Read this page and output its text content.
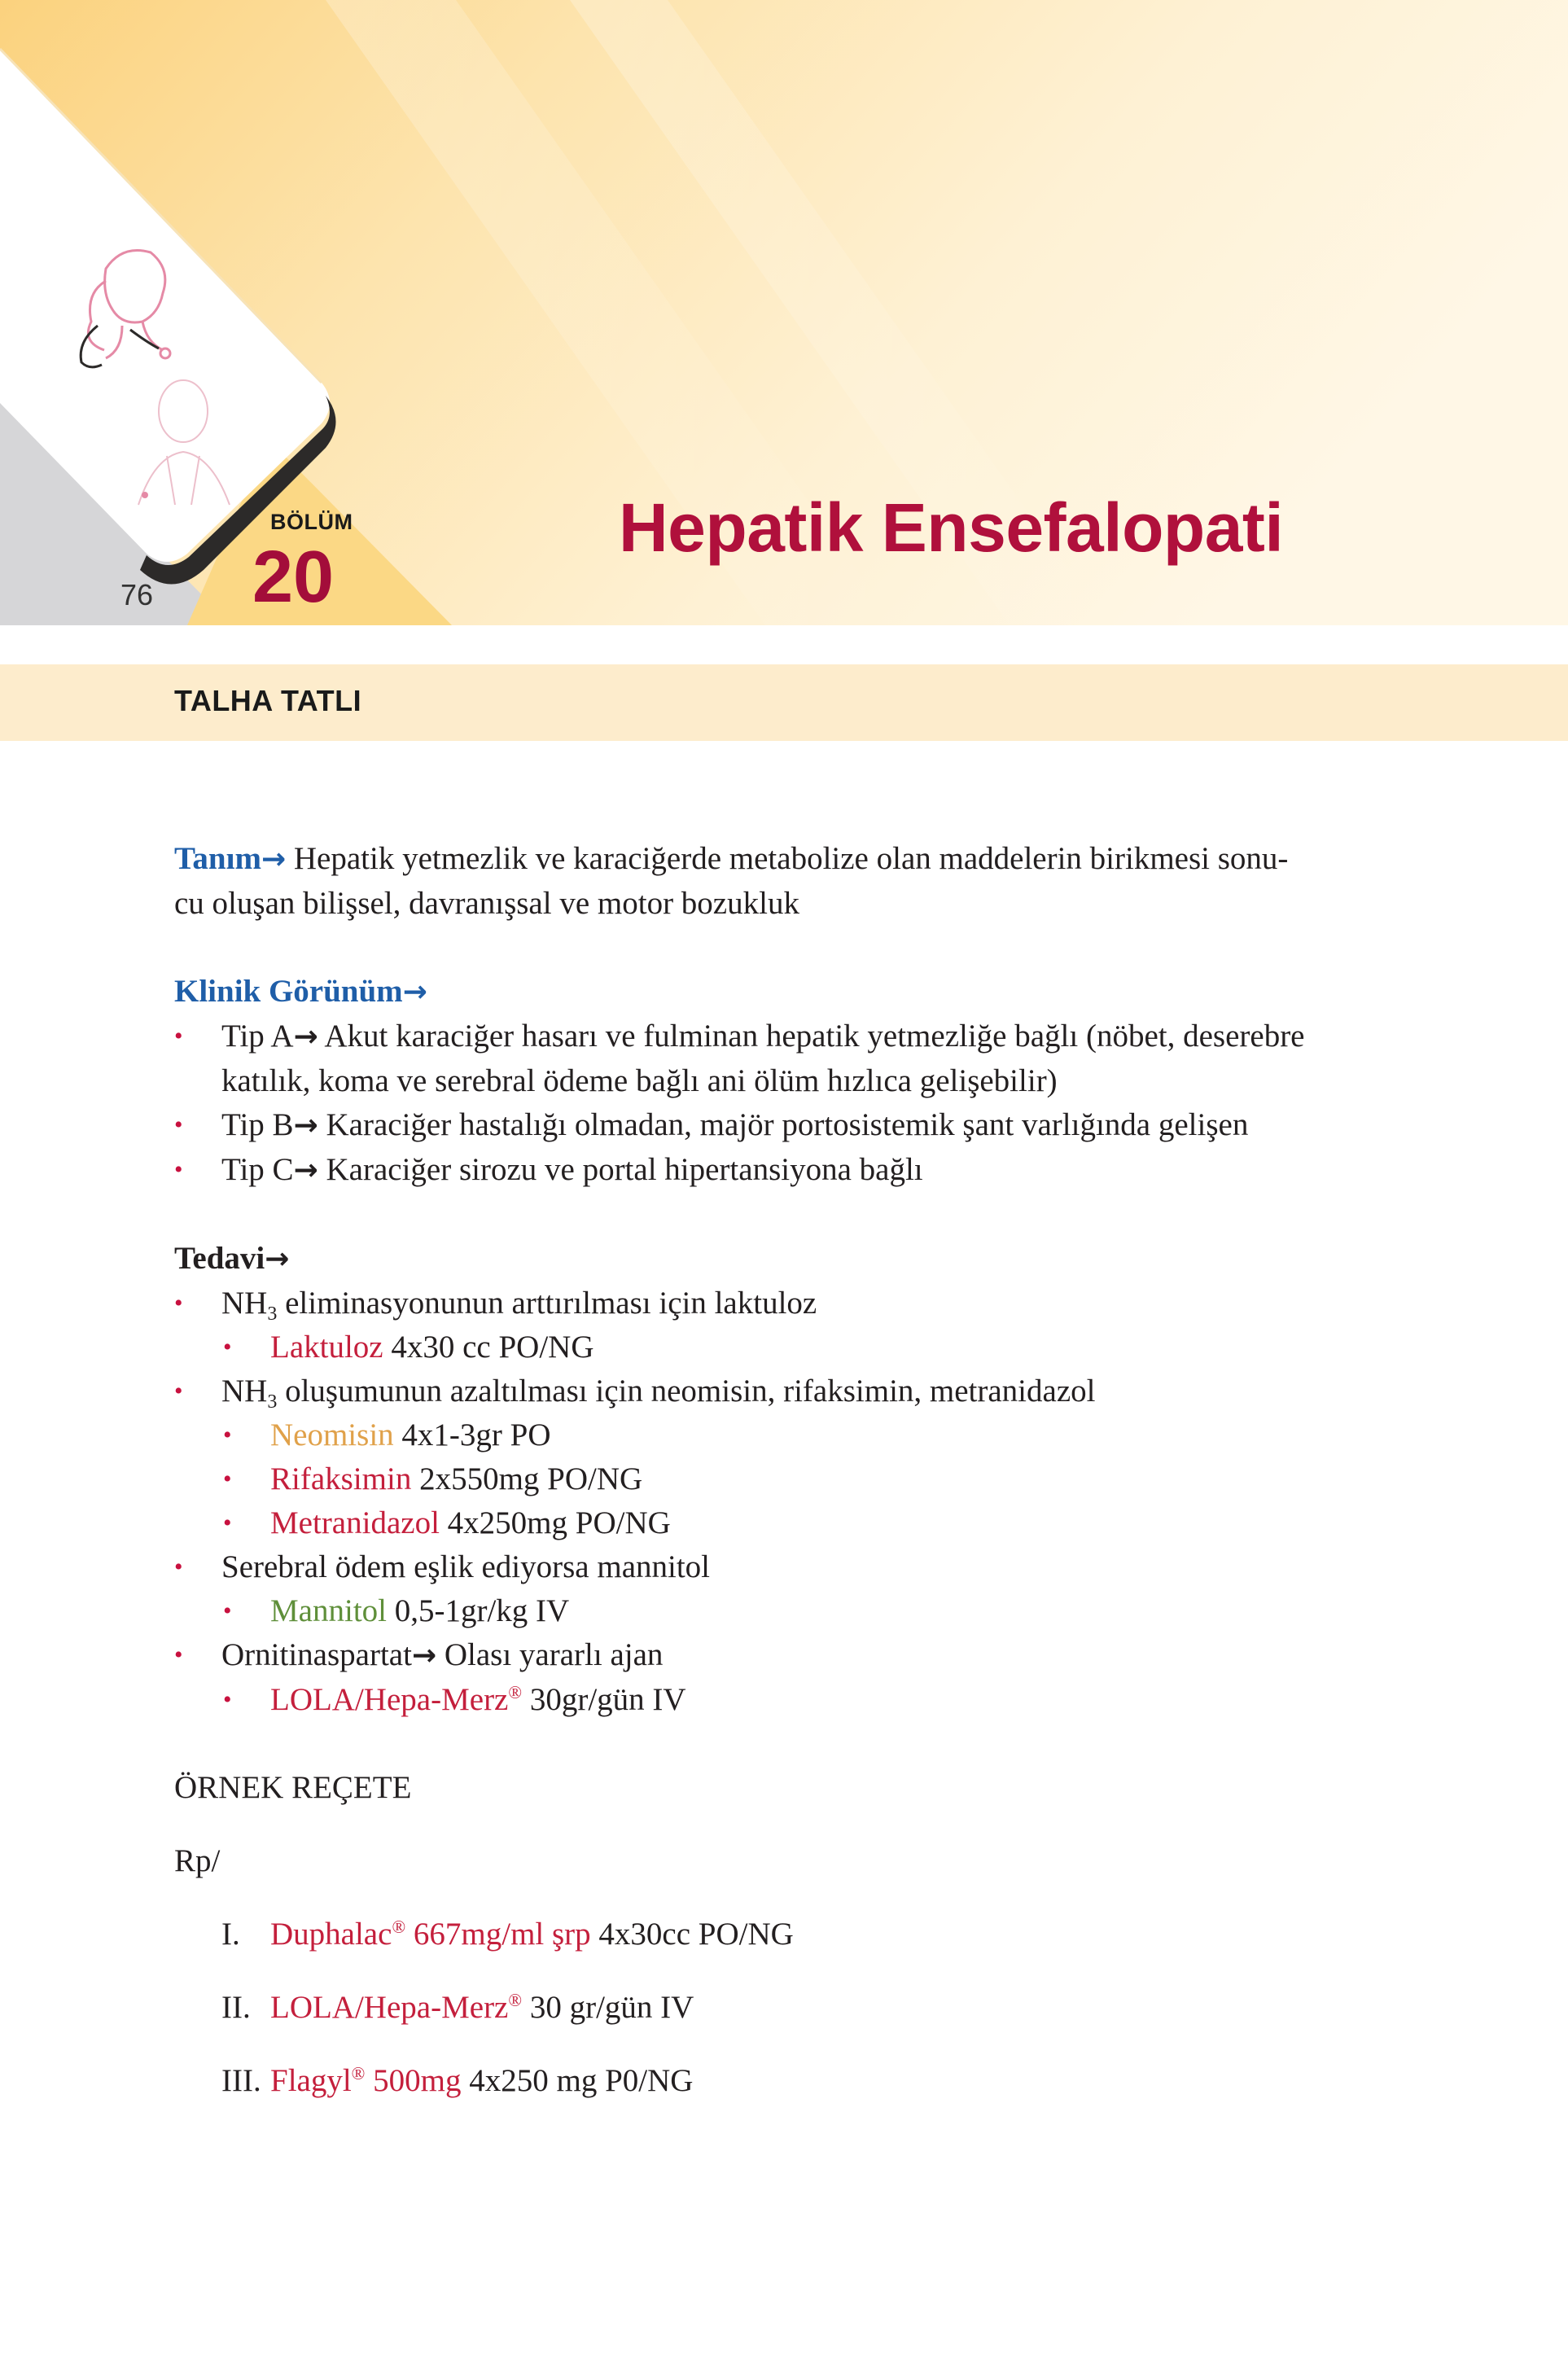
76
BÖLÜM
20
Hepatik Ensefalopati
TALHA TATLI

Tanım→ Hepatik yetmezlik ve karaciğerde metabolize olan maddelerin birikmesi sonu-
cu oluşan bilişsel, davranışsal ve motor bozukluk

Klinik Görünüm→

• Tip A→ Akut karaciğer hasarı ve fulminan hepatik yetmezliğe bağlı (nöbet, deserebre
katılık, koma ve serebral ödeme bağlı ani ölüm hızlıca gelişebilir)
• Tip B→ Karaciğer hastalığı olmadan, majör portosistemik şant varlığında gelişen
• Tip C→ Karaciğer sirozu ve portal hipertansiyona bağlı

Tedavi→

• $NH_3$ eliminasyonunun arttırılması için laktuloz
• Laktuloz 4x30 cc PO/NG
• $NH_3$ oluşumunun azaltılması için neomisin, rifaksimin, metranidazol
• Neomisin 4x1-3gr PO
• Rifaksimin 2x550mg PO/NG
• Metranidazol 4x250mg PO/NG
• Serebral ödem eşlik ediyorsa mannitol
• Mannitol 0,5-1gr/kg IV
• Ornitinaspartat→ Olası yararlı ajan
• LOLA/Hepa-Merz® 30gr/gün IV

ÖRNEK REÇETE

Rp/

I. Duphalac® 667mg/ml şrp 4x30cc PO/NG
II. LOLA/Hepa-Merz® 30 gr/gün IV
III. Flagyl® 500mg 4x250 mg P0/NG
